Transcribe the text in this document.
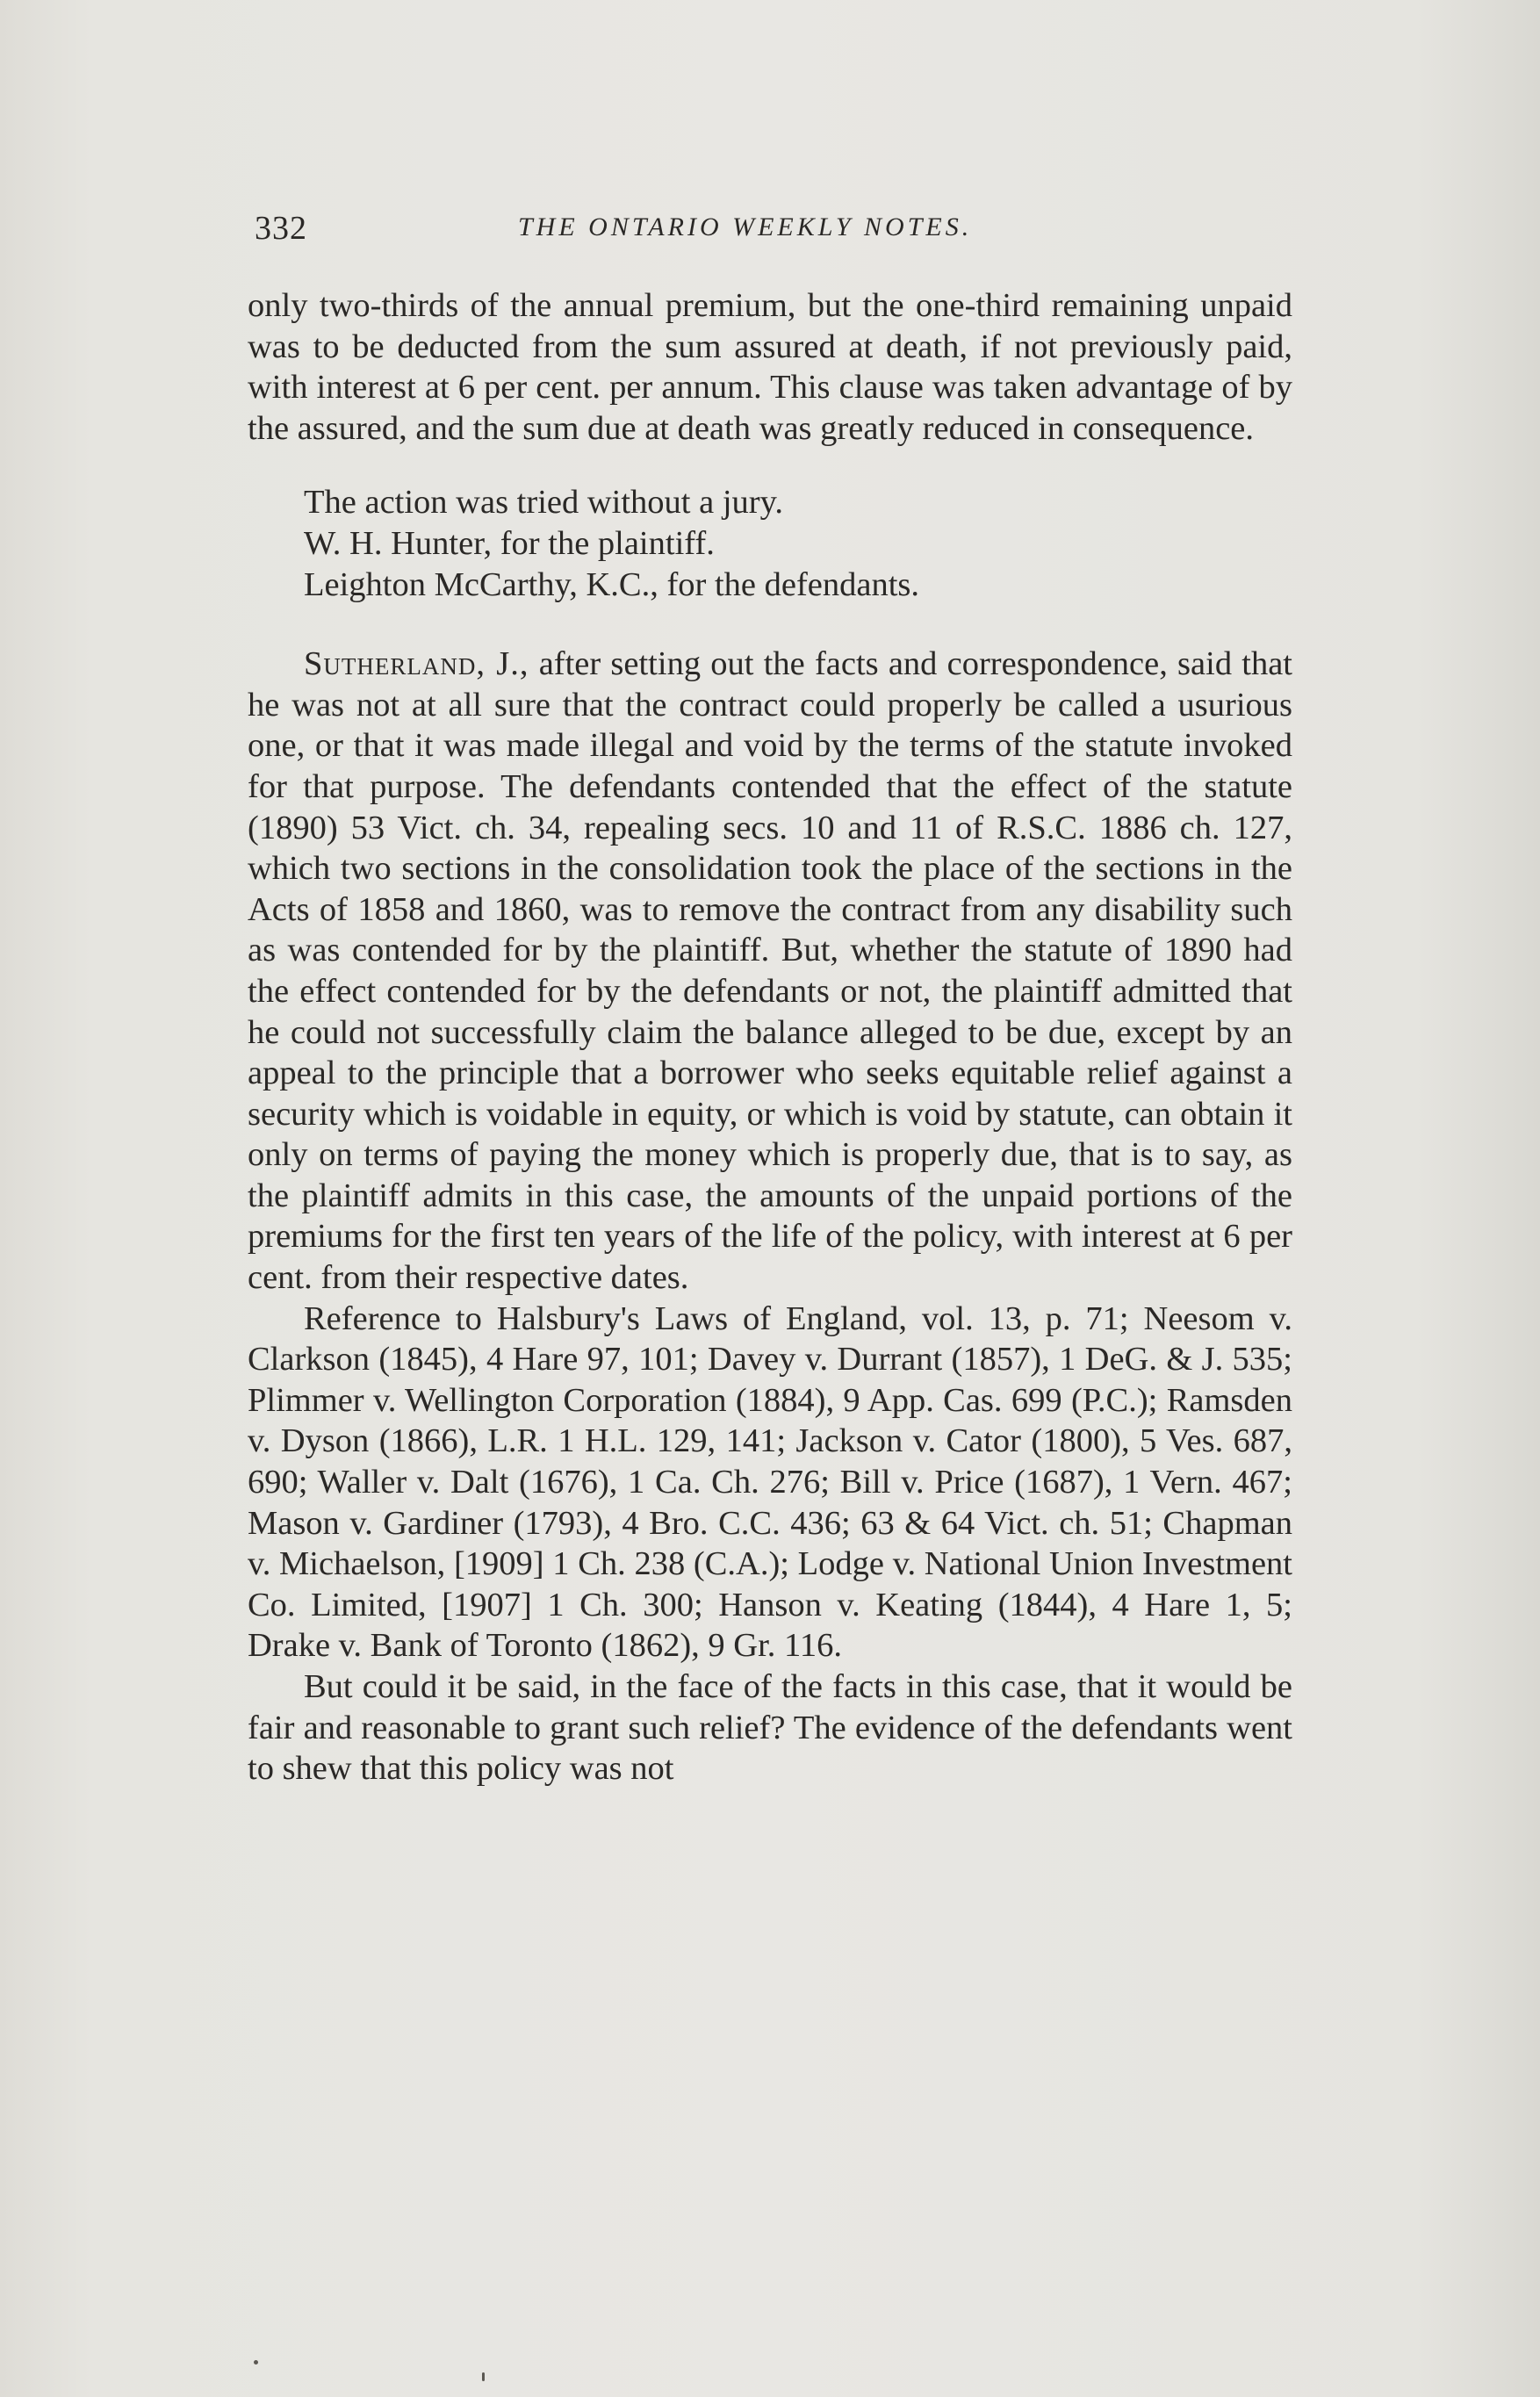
332	THE ONTARIO WEEKLY NOTES.

only two-thirds of the annual premium, but the one-third remaining unpaid was to be deducted from the sum assured at death, if not previously paid, with interest at 6 per cent. per annum. This clause was taken advantage of by the assured, and the sum due at death was greatly reduced in consequence.

The action was tried without a jury.

W. H. Hunter, for the plaintiff.

Leighton McCarthy, K.C., for the defendants.

Sutherland, J., after setting out the facts and correspondence, said that he was not at all sure that the contract could properly be called a usurious one, or that it was made illegal and void by the terms of the statute invoked for that purpose. The defendants contended that the effect of the statute (1890) 53 Vict. ch. 34, repealing secs. 10 and 11 of R.S.C. 1886 ch. 127, which two sections in the consolidation took the place of the sections in the Acts of 1858 and 1860, was to remove the contract from any disability such as was contended for by the plaintiff. But, whether the statute of 1890 had the effect contended for by the defendants or not, the plaintiff admitted that he could not successfully claim the balance alleged to be due, except by an appeal to the principle that a borrower who seeks equitable relief against a security which is voidable in equity, or which is void by statute, can obtain it only on terms of paying the money which is properly due, that is to say, as the plaintiff admits in this case, the amounts of the unpaid portions of the premiums for the first ten years of the life of the policy, with interest at 6 per cent. from their respective dates.

Reference to Halsbury's Laws of England, vol. 13, p. 71; Neesom v. Clarkson (1845), 4 Hare 97, 101; Davey v. Durrant (1857), 1 DeG. & J. 535; Plimmer v. Wellington Corporation (1884), 9 App. Cas. 699 (P.C.); Ramsden v. Dyson (1866), L.R. 1 H.L. 129, 141; Jackson v. Cator (1800), 5 Ves. 687, 690; Waller v. Dalt (1676), 1 Ca. Ch. 276; Bill v. Price (1687), 1 Vern. 467; Mason v. Gardiner (1793), 4 Bro. C.C. 436; 63 & 64 Vict. ch. 51; Chapman v. Michaelson, [1909] 1 Ch. 238 (C.A.); Lodge v. National Union Investment Co. Limited, [1907] 1 Ch. 300; Hanson v. Keating (1844), 4 Hare 1, 5; Drake v. Bank of Toronto (1862), 9 Gr. 116.

But could it be said, in the face of the facts in this case, that it would be fair and reasonable to grant such relief? The evidence of the defendants went to shew that this policy was not
